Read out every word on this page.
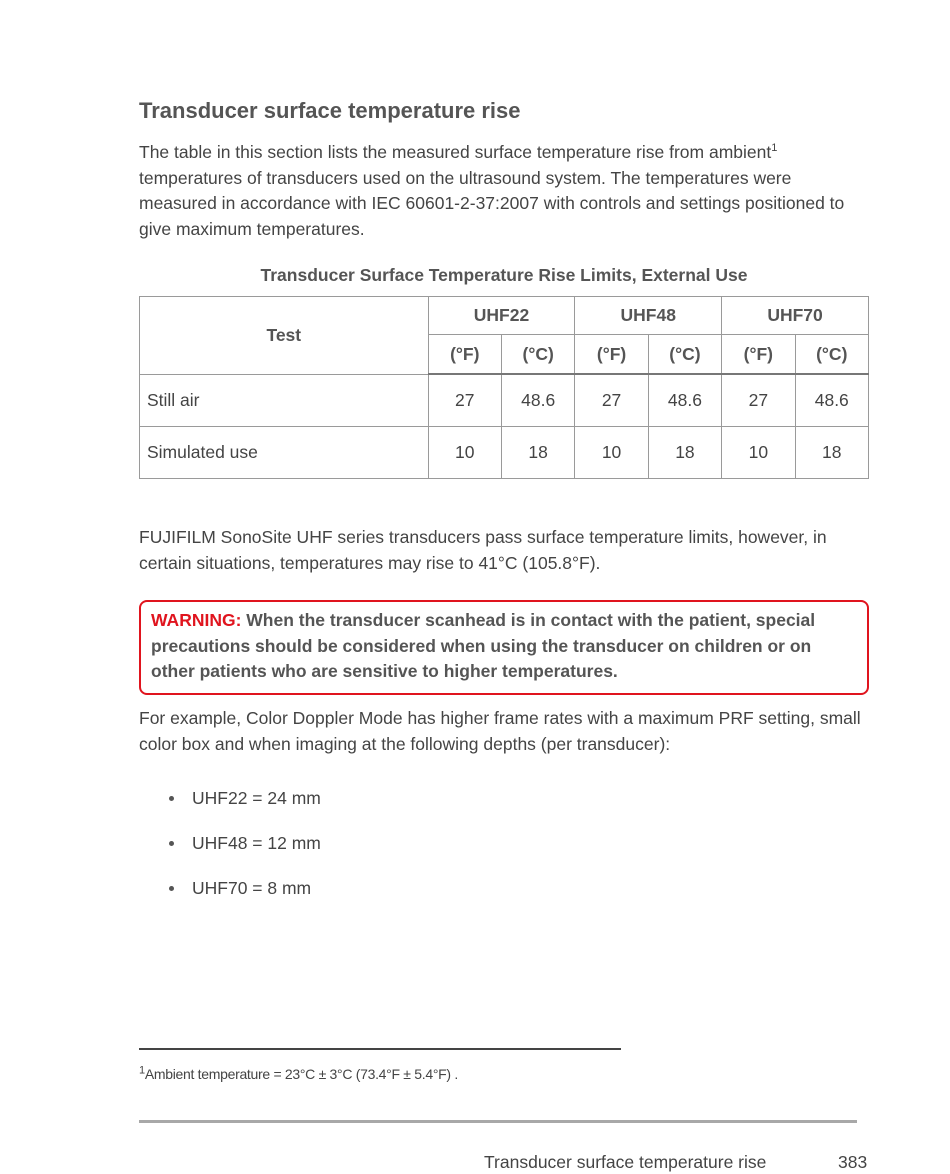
Transducer surface temperature rise

The table in this section lists the measured surface temperature rise from ambient$^1$ temperatures of transducers used on the ultrasound system. The temperatures were measured in accordance with IEC 60601-2-37:2007 with controls and settings positioned to give maximum temperatures.

Transducer Surface Temperature Rise Limits, External Use
Test	UHF22		UHF48		UHF70	
	(°F)	(°C)	(°F)	(°C)	(°F)	(°C)
Still air	27	48.6	27	48.6	27	48.6
Simulated use	10	18	10	18	10	18

FUJIFILM SonoSite UHF series transducers pass surface temperature limits, however, in certain situations, temperatures may rise to 41°C (105.8°F).

WARNING: When the transducer scanhead is in contact with the patient, special precautions should be considered when using the transducer on children or on other patients who are sensitive to higher temperatures.

For example, Color Doppler Mode has higher frame rates with a maximum PRF setting, small color box and when imaging at the following depths (per transducer):

UHF22 = 24 mm
UHF48 = 12 mm
UHF70 = 8 mm
$^1$Ambient temperature = 23°C ± 3°C (73.4°F ± 5.4°F) .
Transducer surface temperature rise	383
